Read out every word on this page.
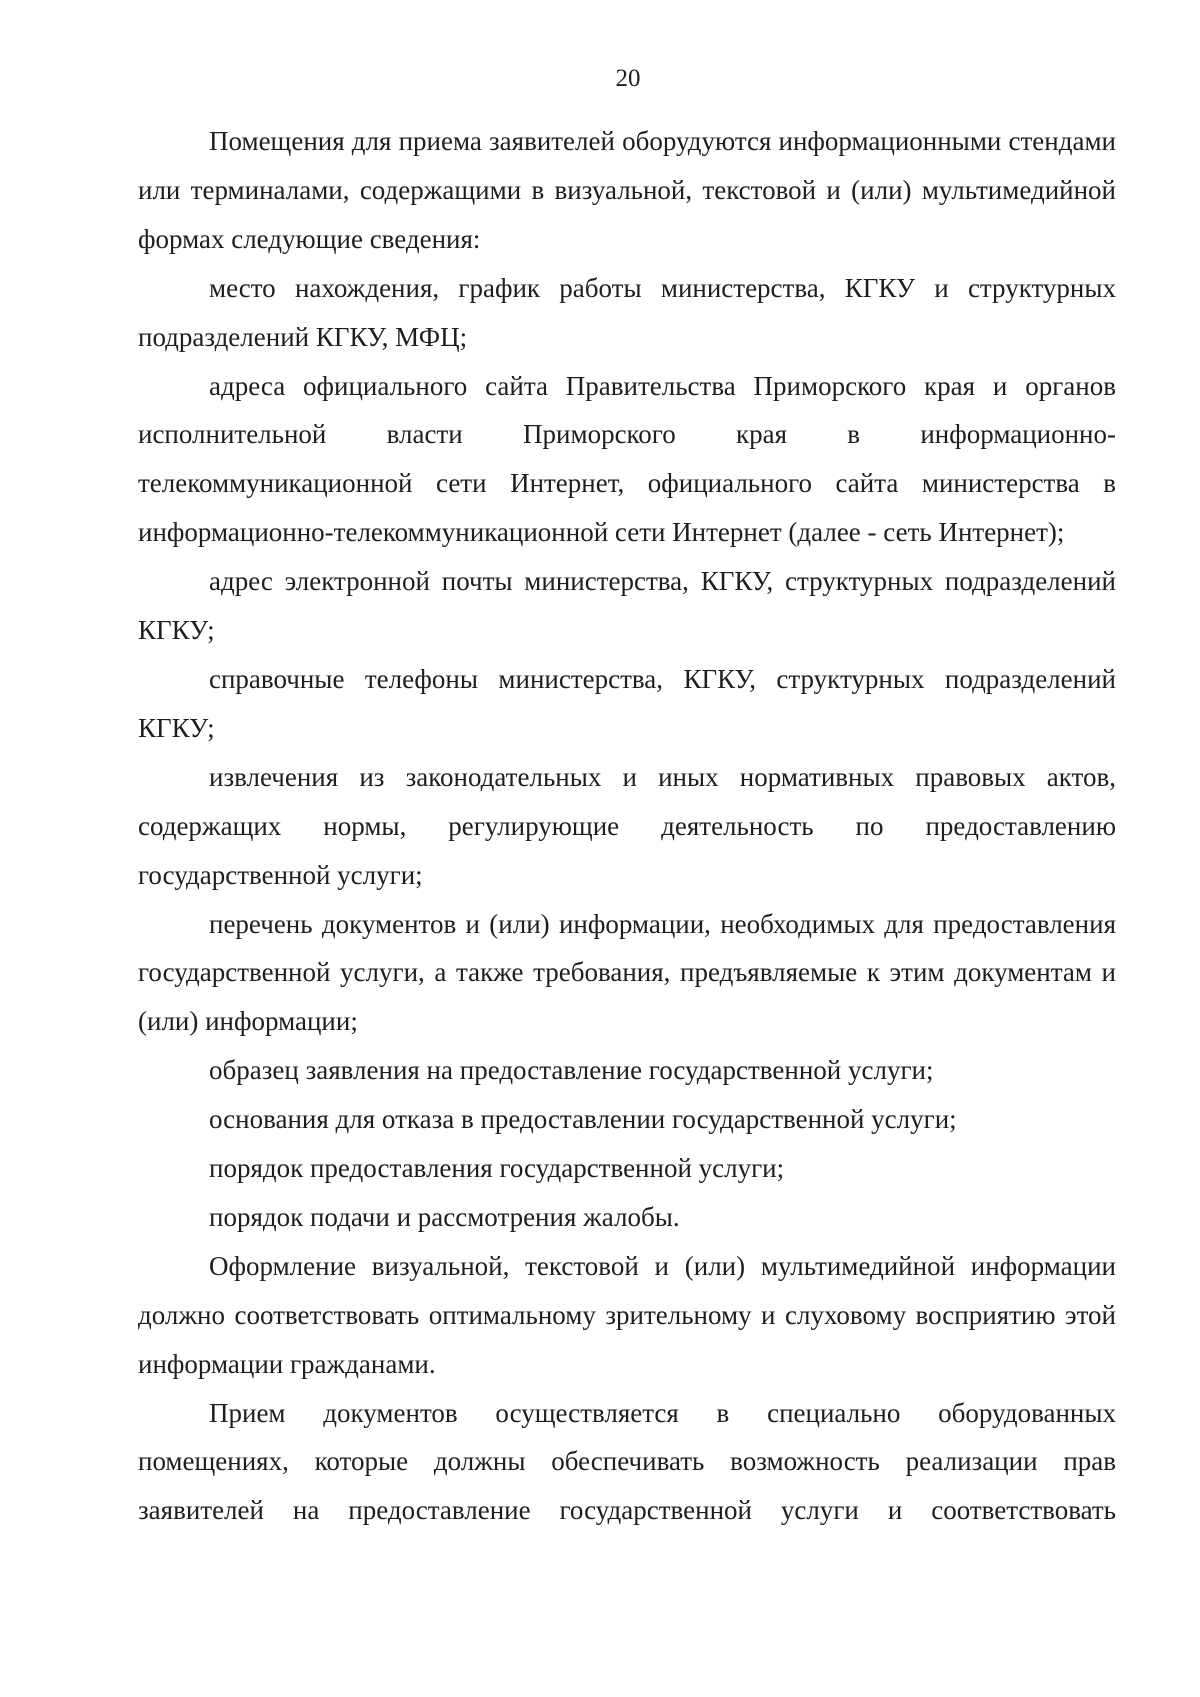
20

Помещения для приема заявителей оборудуются информационными стендами или терминалами, содержащими в визуальной, текстовой и (или) мультимедийной формах следующие сведения:

место нахождения, график работы министерства, КГКУ и структурных подразделений КГКУ, МФЦ;

адреса официального сайта Правительства Приморского края и органов исполнительной власти Приморского края в информационно-телекоммуникационной сети Интернет, официального сайта министерства в информационно-телекоммуникационной сети Интернет (далее - сеть Интернет);

адрес электронной почты министерства, КГКУ, структурных подразделений КГКУ;

справочные телефоны министерства, КГКУ, структурных подразделений КГКУ;

извлечения из законодательных и иных нормативных правовых актов, содержащих нормы, регулирующие деятельность по предоставлению государственной услуги;

перечень документов и (или) информации, необходимых для предоставления государственной услуги, а также требования, предъявляемые к этим документам и (или) информации;

образец заявления на предоставление государственной услуги;

основания для отказа в предоставлении государственной услуги;

порядок предоставления государственной услуги;

порядок подачи и рассмотрения жалобы.

Оформление визуальной, текстовой и (или) мультимедийной информации должно соответствовать оптимальному зрительному и слуховому восприятию этой информации гражданами.

Прием документов осуществляется в специально оборудованных помещениях, которые должны обеспечивать возможность реализации прав заявителей на предоставление государственной услуги и соответствовать
